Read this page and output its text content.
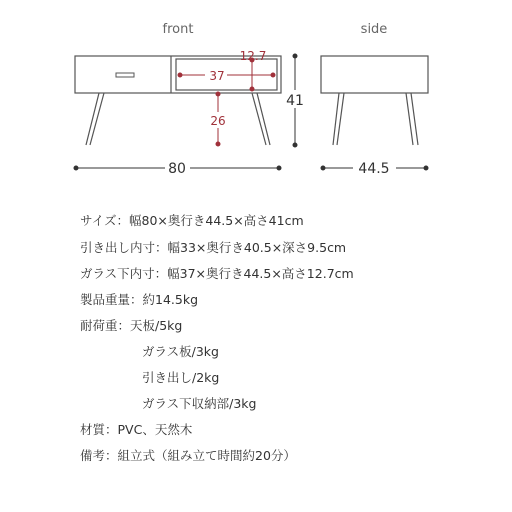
front	side
12.7
37
26
41
80	44.5
サイズ：幅80×奥行き44.5×高さ41cm
引き出し内寸：幅33×奥行き40.5×深さ9.5cm
ガラス下内寸：幅37×奥行き44.5×高さ12.7cm
製品重量：約14.5kg
耐荷重：天板/5kg
ガラス板/3kg
引き出し/2kg
ガラス下収納部/3kg
材質：PVC、天然木
備考：組立式（組み立て時間約20分）
